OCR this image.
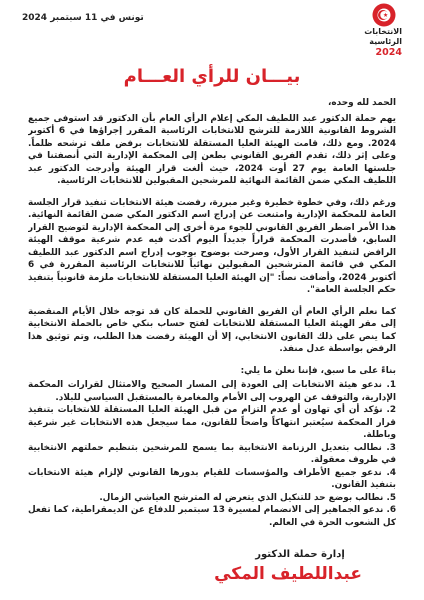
تونس في 11 سبتمبر 2024
الانتخابات
الرئاسية
2024
بيـــان للرأي العـــام

الحمد لله وحده،

يهم حملة الدكتور عبد اللطيف المكي إعلام الرأي العام بأن الدكتور قد استوفى جميع الشروط القانونية اللازمة للترشح للانتخابات الرئاسية المقرر إجراؤها في 6 أكتوبر 2024. ومع ذلك، قامت الهيئة العليا المستقلة للانتخابات برفض ملف ترشحه ظلماً. وعلى إثر ذلك، تقدم الفريق القانوني بطعن إلى المحكمة الإدارية التي أنصفتنا في جلستها العامة يوم 27 أوت 2024، حيث ألغت قرار الهيئة وأدرجت الدكتور عبد اللطيف المكي ضمن القائمة النهائية للمرشحين المقبولين للانتخابات الرئاسية.

ورغم ذلك، وفي خطوة خطيرة وغير مبررة، رفضت هيئة الانتخابات تنفيذ قرار الجلسة العامة للمحكمة الإدارية وامتنعت عن إدراج اسم الدكتور المكي ضمن القائمة النهائية. هذا الأمر اضطر الفريق القانوني للجوء مرة أخرى إلى المحكمة الإدارية لتوضيح القرار السابق، فأصدرت المحكمة قراراً جديداً اليوم أكدت فيه عدم شرعية موقف الهيئة الرافض لتنفيذ القرار الأول، وصرحت بوضوح بوجوب إدراج اسم الدكتور عبد اللطيف المكي في قائمة المترشحين المقبولين نهائياً للانتخابات الرئاسية المقررة في 6 أكتوبر 2024، وأضافت نصاً: "إن الهيئة العليا المستقلة للانتخابات ملزمة قانونياً بتنفيذ حكم الجلسة العامة".

كما نعلم الرأي العام أن الفريق القانوني للحملة كان قد توجه خلال الأيام المنقضية إلى مقر الهيئة العليا المستقلة للانتخابات لفتح حساب بنكي خاص بالحملة الانتخابية كما ينص على ذلك القانون الانتخابي، إلا أن الهيئة رفضت هذا الطلب، وتم توثيق هذا الرفض بواسطة عدل منفذ.

بناءً على ما سبق، فإننا نعلن ما يلي:

1. ندعو هيئة الانتخابات إلى العودة إلى المسار الصحيح والامتثال لقرارات المحكمة الإدارية، والتوقف عن الهروب إلى الأمام والمغامرة بالمستقبل السياسي للبلاد.

2. نؤكد أن أي تهاون أو عدم التزام من قبل الهيئة العليا المستقلة للانتخابات بتنفيذ قرار المحكمة سيُعتبر انتهاكاً واضحاً للقانون، مما سيجعل هذه الانتخابات غير شرعية وباطلة.

3. نطالب بتعديل الرزنامة الانتخابية بما يسمح للمرشحين بتنظيم حملتهم الانتخابية في ظروف معقولة.

4. ندعو جميع الأطراف والمؤسسات للقيام بدورها القانوني لإلزام هيئة الانتخابات بتنفيذ القانون.

5. نطالب بوضع حد للتنكيل الذي يتعرض له المترشح العياشي الزمال.

6. ندعو الجماهير إلى الانضمام لمسيرة 13 سبتمبر للدفاع عن الديمقراطية، كما تفعل كل الشعوب الحرة في العالم.

إدارة حملة الدكتور
عبداللطيف المكي
